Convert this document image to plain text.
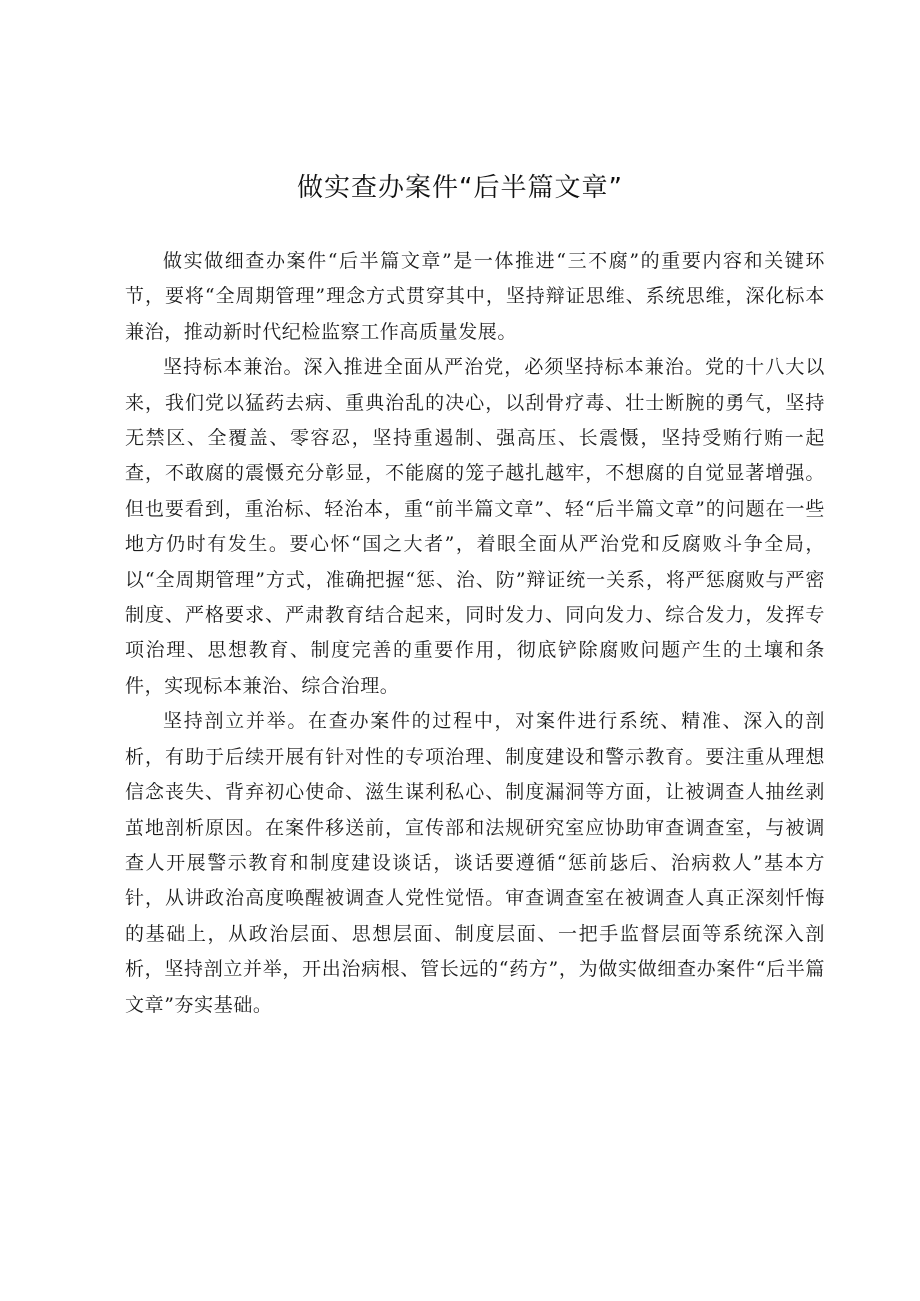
做实查办案件“后半篇文章”

做实做细查办案件“后半篇文章”是一体推进“三不腐”的重要内容和关键环节，要将“全周期管理”理念方式贯穿其中，坚持辩证思维、系统思维，深化标本兼治，推动新时代纪检监察工作高质量发展。

坚持标本兼治。深入推进全面从严治党，必须坚持标本兼治。党的十八大以来，我们党以猛药去病、重典治乱的决心，以刮骨疗毒、壮士断腕的勇气，坚持无禁区、全覆盖、零容忍，坚持重遏制、强高压、长震慑，坚持受贿行贿一起查，不敢腐的震慑充分彰显，不能腐的笼子越扎越牢，不想腐的自觉显著增强。但也要看到，重治标、轻治本，重“前半篇文章”、轻“后半篇文章”的问题在一些地方仍时有发生。要心怀“国之大者”，着眼全面从严治党和反腐败斗争全局，以“全周期管理”方式，准确把握“惩、治、防”辩证统一关系，将严惩腐败与严密制度、严格要求、严肃教育结合起来，同时发力、同向发力、综合发力，发挥专项治理、思想教育、制度完善的重要作用，彻底铲除腐败问题产生的土壤和条件，实现标本兼治、综合治理。

坚持剖立并举。在查办案件的过程中，对案件进行系统、精准、深入的剖析，有助于后续开展有针对性的专项治理、制度建设和警示教育。要注重从理想信念丧失、背弃初心使命、滋生谋利私心、制度漏洞等方面，让被调查人抽丝剥茧地剖析原因。在案件移送前，宣传部和法规研究室应协助审查调查室，与被调查人开展警示教育和制度建设谈话，谈话要遵循“惩前毖后、治病救人”基本方针，从讲政治高度唤醒被调查人党性觉悟。审查调查室在被调查人真正深刻忏悔的基础上，从政治层面、思想层面、制度层面、一把手监督层面等系统深入剖析，坚持剖立并举，开出治病根、管长远的“药方”，为做实做细查办案件“后半篇文章”夯实基础。
